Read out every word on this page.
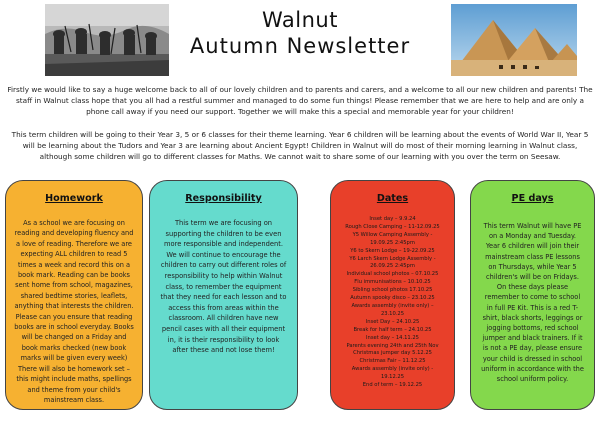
Walnut
Autumn Newsletter

Firstly we would like to say a huge welcome back to all of our lovely children and to parents and carers, and a welcome to all our new children and parents! The staff in Walnut class hope that you all had a restful summer and managed to do some fun things! Please remember that we are here to help and are only a phone call away if you need our support. Together we will make this a special and memorable year for your children!

This term children will be going to their Year 3, 5 or 6 classes for their theme learning. Year 6 children will be learning about the events of World War II, Year 5 will be learning about the Tudors and Year 3 are learning about Ancient Egypt! Children in Walnut will do most of their morning learning in Walnut class, although some children will go to different classes for Maths. We cannot wait to share some of our learning with you over the term on Seesaw.

Homework

As a school we are focusing on reading and developing fluency and a love of reading. Therefore we are expecting ALL children to read 5 times a week and record this on a book mark. Reading can be books sent home from school, magazines, shared bedtime stories, leaflets, anything that interests the children. Please can you ensure that reading books are in school everyday. Books will be changed on a Friday and book marks checked (new book marks will be given every week) There will also be homework set – this might include maths, spellings and theme from your child's mainstream class.

Responsibility

This term we are focusing on supporting the children to be even more responsible and independent. We will continue to encourage the children to carry out different roles of responsibility to help within Walnut class, to remember the equipment that they need for each lesson and to access this from areas within the classroom. All children have new pencil cases with all their equipment in, it is their responsibility to look after these and not lose them!

Dates
Inset day – 9.9.24
Rough Close Camping – 11-12.09.25
Y5 Willow Camping Assembly -
19.09.25 2:45pm
Y6 to Skern Lodge – 19-22.09.25
Y6 Larch Skern Lodge Assembly -
26.09.25 2:45pm
Individual school photos – 07.10.25
Flu immunisations – 10.10.25
Sibling school photos 17.10.25
Autumn spooky disco – 23.10.25
Awards assembly (invite only) –
23.10.25
Inset Day – 24.10.25
Break for half term – 24.10.25
Inset day – 14.11.25
Parents evening 24th and 25th Nov
Christmas jumper day 5.12.25
Christmas Fair – 11.12.25
Awards assembly (invite only) -
19.12.25
End of term – 19.12.25
PE days

This term Walnut will have PE on a Monday and Tuesday. Year 6 children will join their mainstream class PE lessons on Thursdays, while Year 5 children's will be on Fridays. On these days please remember to come to school in full PE Kit. This is a red T-shirt, black shorts, leggings or jogging bottoms, red school jumper and black trainers. If it is not a PE day, please ensure your child is dressed in school uniform in accordance with the school uniform policy.
